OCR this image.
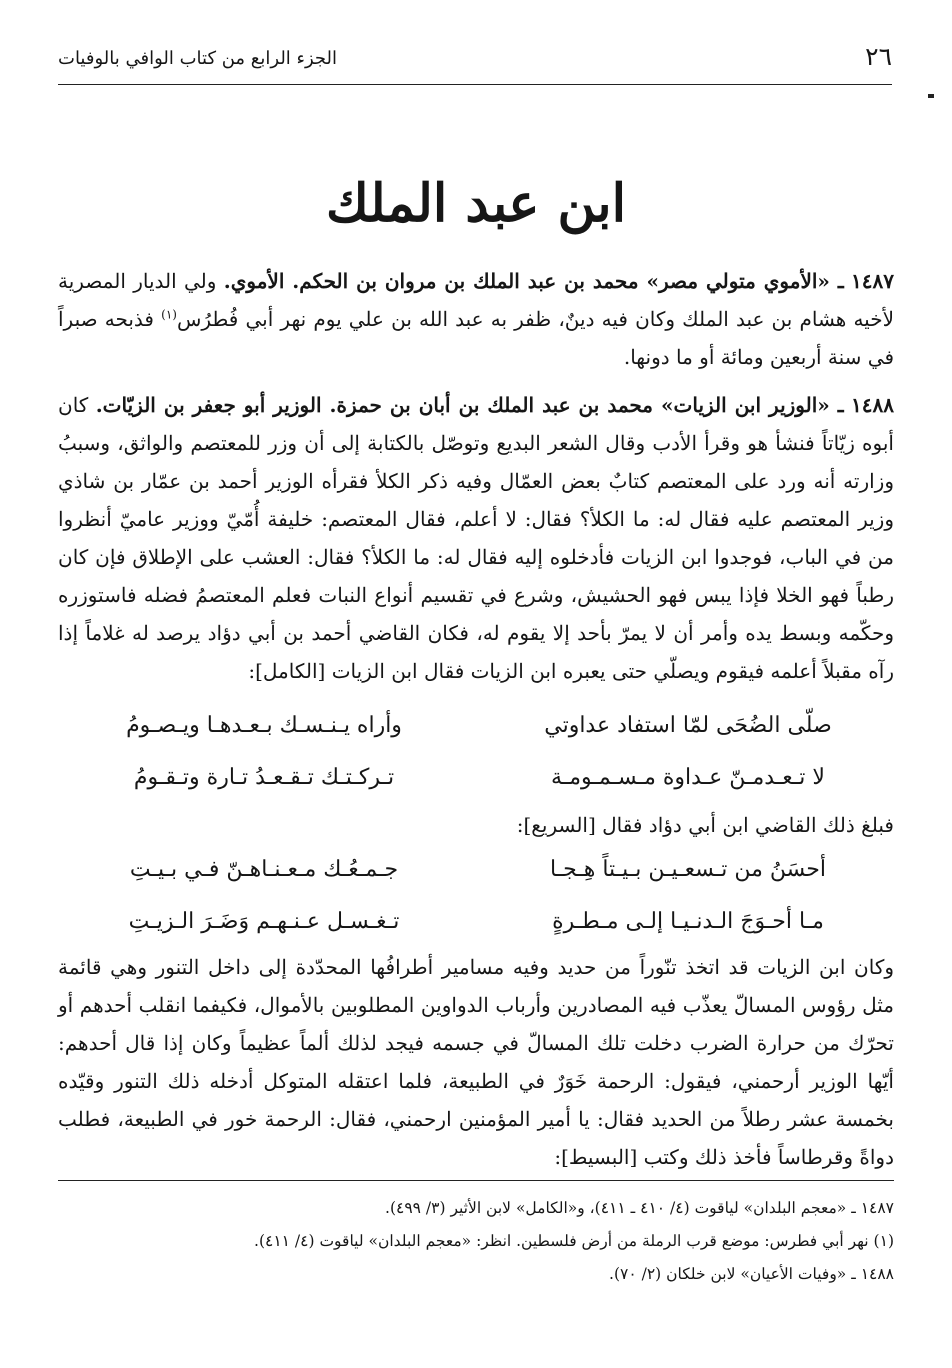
٢٦
الجزء الرابع من كتاب الوافي بالوفيات
ابن عبد الملك

١٤٨٧ ـ «الأموي متولي مصر» محمد بن عبد الملك بن مروان بن الحكم. الأموي. ولي الديار المصرية لأخيه هشام بن عبد الملك وكان فيه دينٌ، ظفر به عبد الله بن علي يوم نهر أبي فُطرُس$^{(١)}$ فذبحه صبراً في سنة أربعين ومائة أو ما دونها.

١٤٨٨ ـ «الوزير ابن الزيات» محمد بن عبد الملك بن أبان بن حمزة. الوزير أبو جعفر بن الزيّات. كان أبوه زيّاتاً فنشأ هو وقرأ الأدب وقال الشعر البديع وتوصّل بالكتابة إلى أن وزر للمعتصم والواثق، وسببُ وزارته أنه ورد على المعتصم كتابٌ بعض العمّال وفيه ذكر الكلأ فقرأه الوزير أحمد بن عمّار بن شاذي وزير المعتصم عليه فقال له: ما الكلأ؟ فقال: لا أعلم، فقال المعتصم: خليفة أُمّيّ ووزير عاميّ أنظروا من في الباب، فوجدوا ابن الزيات فأدخلوه إليه فقال له: ما الكلأ؟ فقال: العشب على الإطلاق فإن كان رطباً فهو الخلا فإذا يبس فهو الحشيش، وشرع في تقسيم أنواع النبات فعلم المعتصمُ فضله فاستوزره وحكّمه وبسط يده وأمر أن لا يمرّ بأحد إلا يقوم له، فكان القاضي أحمد بن أبي دؤاد يرصد له غلاماً إذا رآه مقبلاً أعلمه فيقوم ويصلّي حتى يعبره ابن الزيات فقال ابن الزيات [الكامل]:

صلّى الضُحَى لمّا استفاد عداوتي
وأراه يـنـسـك بـعـدهـا ويـصـومُ
لا تـعـدمـنّ عـداوة مـسـمـومـة
تـركـتـك تـقـعـدُ تـارة وتـقـومُ

فبلغ ذلك القاضي ابن أبي دؤاد فقال [السريع]:

أحسَنُ من تـسعـيـن بـيـتاً هِـجـا
جـمـعُـك مـعـنـاهـنّ فـي بـيـتِ
مـا أحـوَجَ الـدنـيـا إلـى مـطـرةٍ
تـغـسـل عـنـهـم وَضَـرَ الـزيـتِ

وكان ابن الزيات قد اتخذ تنّوراً من حديد وفيه مسامير أطرافُها المحدّدة إلى داخل التنور وهي قائمة مثل رؤوس المسالّ يعذّب فيه المصادرين وأرباب الدواوين المطلوبين بالأموال، فكيفما انقلب أحدهم أو تحرّك من حرارة الضرب دخلت تلك المسالّ في جسمه فيجد لذلك ألماً عظيماً وكان إذا قال أحدهم: أيّها الوزير أرحمني، فيقول: الرحمة خَوَرٌ في الطبيعة، فلما اعتقله المتوكل أدخله ذلك التنور وقيّده بخمسة عشر رطلاً من الحديد فقال: يا أمير المؤمنين ارحمني، فقال: الرحمة خور في الطبيعة، فطلب دواةً وقرطاساً فأخذ ذلك وكتب [البسيط]:

١٤٨٧ ـ «معجم البلدان» لياقوت (٤/ ٤١٠ ـ ٤١١)، و«الكامل» لابن الأثير (٣/ ٤٩٩).

(١) نهر أبي فطرس: موضع قرب الرملة من أرض فلسطين. انظر: «معجم البلدان» لياقوت (٤/ ٤١١).

١٤٨٨ ـ «وفيات الأعيان» لابن خلكان (٢/ ٧٠).
